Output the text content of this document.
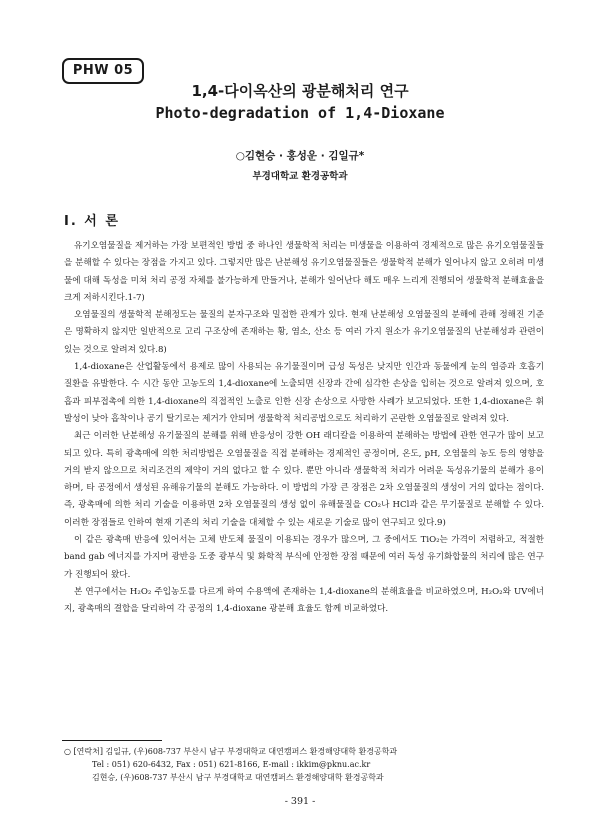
PHW 05
1,4-다이옥산의 광분해처리 연구
Photo-degradation of 1,4-Dioxane
○김현승 · 홍성운 · 김일규*
부경대학교 환경공학과
Ⅰ. 서 론

유기오염물질을 제거하는 가장 보편적인 방법 중 하나인 생물학적 처리는 미생물을 이용하여 경제적으로 많은 유기오염물질들을 분해할 수 있다는 장점을 가지고 있다. 그렇지만 많은 난분해성 유기오염물질들은 생물학적 분해가 일어나지 않고 오히려 미생물에 대해 독성을 미쳐 처리 공정 자체를 불가능하게 만들거나, 분해가 일어난다 해도 매우 느리게 진행되어 생물학적 분해효율을 크게 저하시킨다.1-7)

오염물질의 생물학적 분해정도는 물질의 분자구조와 밀접한 관계가 있다. 현재 난분해성 오염물질의 분해에 관해 정해진 기준은 명확하지 않지만 일반적으로 고리 구조상에 존재하는 황, 염소, 산소 등 여러 가지 원소가 유기오염물질의 난분해성과 관련이 있는 것으로 알려져 있다.8)

1,4-dioxane은 산업활동에서 용제로 많이 사용되는 유기물질이며 급성 독성은 낮지만 인간과 동물에게 눈의 염증과 호흡기 질환을 유발한다. 수 시간 동안 고농도의 1,4-dioxane에 노출되면 신장과 간에 심각한 손상을 입히는 것으로 알려져 있으며, 호흡과 피부접촉에 의한 1,4-dioxane의 직접적인 노출로 인한 신장 손상으로 사망한 사례가 보고되었다. 또한 1,4-dioxane은 휘발성이 낮아 흡착이나 공기 탈기로는 제거가 안되며 생물학적 처리공법으로도 처리하기 곤란한 오염물질로 알려져 있다.

최근 이러한 난분해성 유기물질의 분해를 위해 반응성이 강한 OH 래디칼을 이용하여 분해하는 방법에 관한 연구가 많이 보고되고 있다. 특히 광촉매에 의한 처리방법은 오염물질을 직접 분해하는 경제적인 공정이며, 온도, pH, 오염물의 농도 등의 영향을 거의 받지 않으므로 처리조건의 제약이 거의 없다고 할 수 있다. 뿐만 아니라 생물학적 처리가 어려운 독성유기물의 분해가 용이하며, 타 공정에서 생성된 유해유기물의 분해도 가능하다. 이 방법의 가장 큰 장점은 2차 오염물질의 생성이 거의 없다는 점이다. 즉, 광촉매에 의한 처리 기술을 이용하면 2차 오염물질의 생성 없이 유해물질을 CO₂나 HCl과 같은 무기물질로 분해할 수 있다. 이러한 장점들로 인하여 현재 기존의 처리 기술을 대체할 수 있는 새로운 기술로 많이 연구되고 있다.9)

이 같은 광촉매 반응에 있어서는 고체 반도체 물질이 이용되는 경우가 많으며, 그 중에서도 TiO₂는 가격이 저렴하고, 적절한 band gab 에너지를 가지며 광반응 도중 광부식 및 화학적 부식에 안정한 장점 때문에 여러 독성 유기화합물의 처리에 많은 연구가 진행되어 왔다.

본 연구에서는 H₂O₂ 주입농도를 다르게 하여 수용액에 존재하는 1,4-dioxane의 분해효율을 비교하였으며, H₂O₂와 UV에너지, 광촉매의 결합을 달리하여 각 공정의 1,4-dioxane 광분해 효율도 함께 비교하였다.

○ [연락처] 김일규, (우)608-737 부산시 남구 부경대학교 대연캠퍼스 환경해양대학 환경공학과
Tel : 051) 620-6432, Fax : 051) 621-8166, E-mail : ikkim@pknu.ac.kr
김현승, (우)608-737 부산시 남구 부경대학교 대연캠퍼스 환경해양대학 환경공학과
- 391 -
